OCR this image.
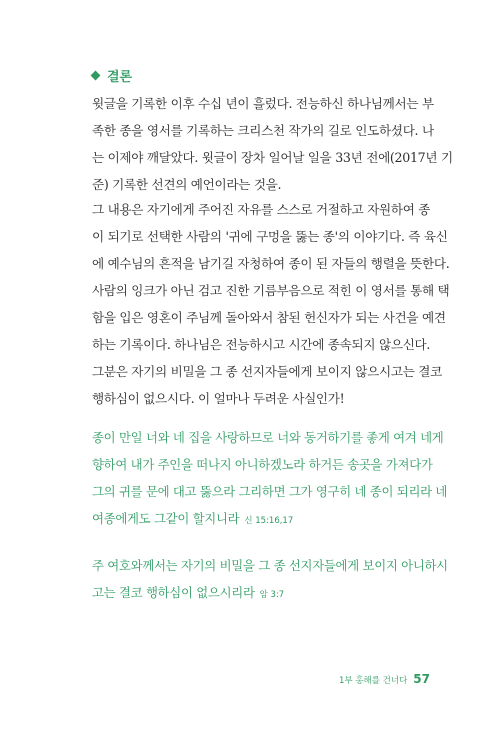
결론
윗글을 기록한 이후 수십 년이 흘렀다. 전능하신 하나님께서는 부
족한 종을 영서를 기록하는 크리스천 작가의 길로 인도하셨다. 나
는 이제야 깨달았다. 윗글이 장차 일어날 일을 33년 전에(2017년 기
준) 기록한 선견의 예언이라는 것을.
그 내용은 자기에게 주어진 자유를 스스로 거절하고 자원하여 종
이 되기로 선택한 사람의 '귀에 구멍을 뚫는 종'의 이야기다. 즉 육신
에 예수님의 흔적을 남기길 자청하여 종이 된 자들의 행렬을 뜻한다.
사람의 잉크가 아닌 검고 진한 기름부음으로 적힌 이 영서를 통해 택
함을 입은 영혼이 주님께 돌아와서 참된 헌신자가 되는 사건을 예견
하는 기록이다. 하나님은 전능하시고 시간에 종속되지 않으신다.
그분은 자기의 비밀을 그 종 선지자들에게 보이지 않으시고는 결코
행하심이 없으시다. 이 얼마나 두려운 사실인가!
종이 만일 너와 네 집을 사랑하므로 너와 동거하기를 좋게 여겨 네게
향하여 내가 주인을 떠나지 아니하겠노라 하거든 송곳을 가져다가
그의 귀를 문에 대고 뚫으라 그리하면 그가 영구히 네 종이 되리라 네
여종에게도 그같이 할지니라 신 15:16,17
주 여호와께서는 자기의 비밀을 그 종 선지자들에게 보이지 아니하시
고는 결코 행하심이 없으시리라 암 3:7
1부 홍해를 건너다 57
